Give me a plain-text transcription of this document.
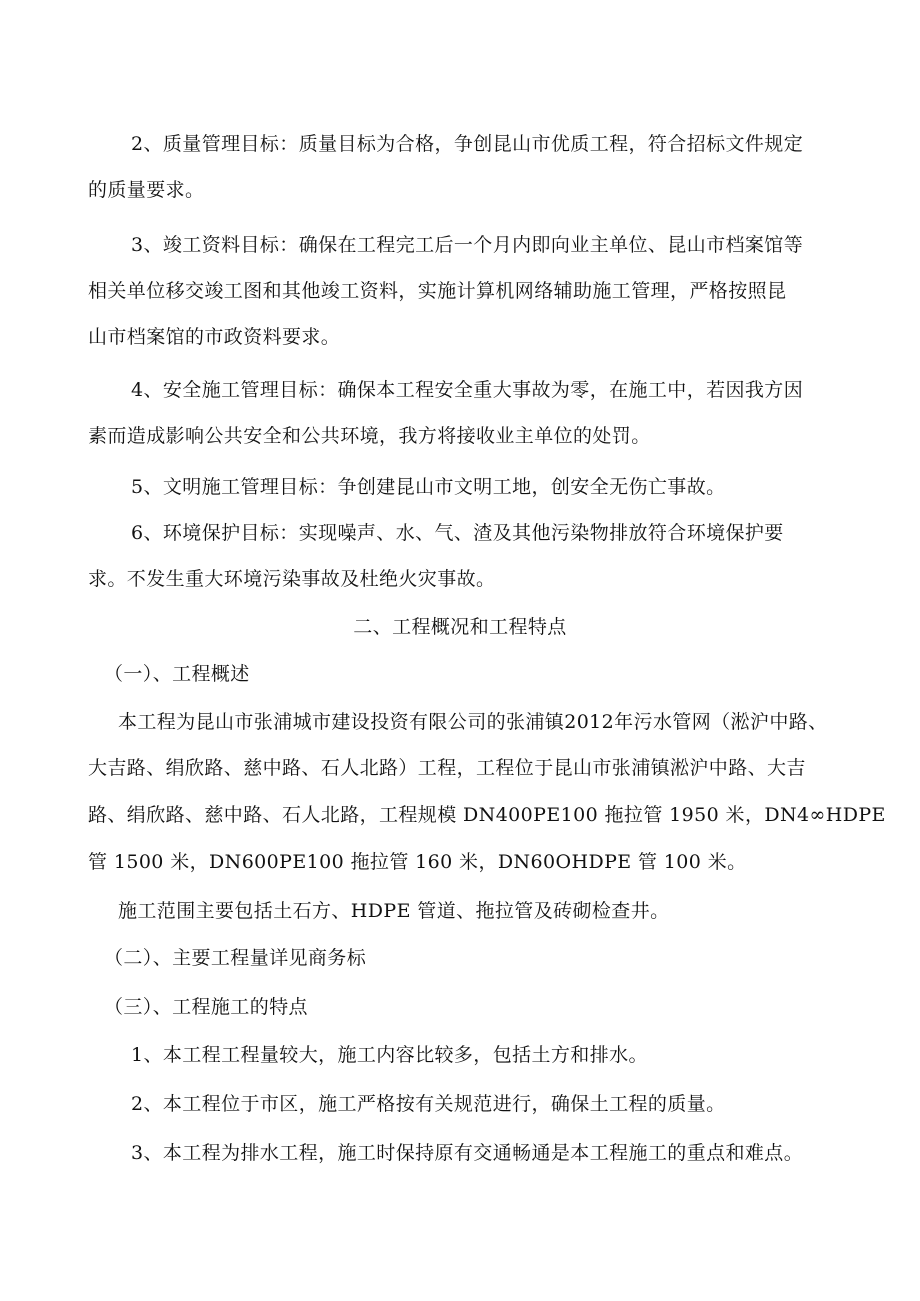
2、质量管理目标：质量目标为合格，争创昆山市优质工程，符合招标文件规定
的质量要求。
3、竣工资料目标：确保在工程完工后一个月内即向业主单位、昆山市档案馆等
相关单位移交竣工图和其他竣工资料，实施计算机网络辅助施工管理，严格按照昆
山市档案馆的市政资料要求。
4、安全施工管理目标：确保本工程安全重大事故为零，在施工中，若因我方因
素而造成影响公共安全和公共环境，我方将接收业主单位的处罚。
5、文明施工管理目标：争创建昆山市文明工地，创安全无伤亡事故。
6、环境保护目标：实现噪声、水、气、渣及其他污染物排放符合环境保护要
求。不发生重大环境污染事故及杜绝火灾事故。
二、工程概况和工程特点
（一）、工程概述
本工程为昆山市张浦城市建设投资有限公司的张浦镇2012年污水管网（淞沪中路、
大吉路、绢欣路、慈中路、石人北路）工程，工程位于昆山市张浦镇淞沪中路、大吉
路、绢欣路、慈中路、石人北路，工程规模 DN400PE100 拖拉管 1950 米，DN4∞HDPE
管 1500 米，DN600PE100 拖拉管 160 米，DN60OHDPE 管 100 米。
施工范围主要包括土石方、HDPE 管道、拖拉管及砖砌检查井。
（二）、主要工程量详见商务标
（三）、工程施工的特点
1、本工程工程量较大，施工内容比较多，包括土方和排水。
2、本工程位于市区，施工严格按有关规范进行，确保土工程的质量。
3、本工程为排水工程，施工时保持原有交通畅通是本工程施工的重点和难点。
